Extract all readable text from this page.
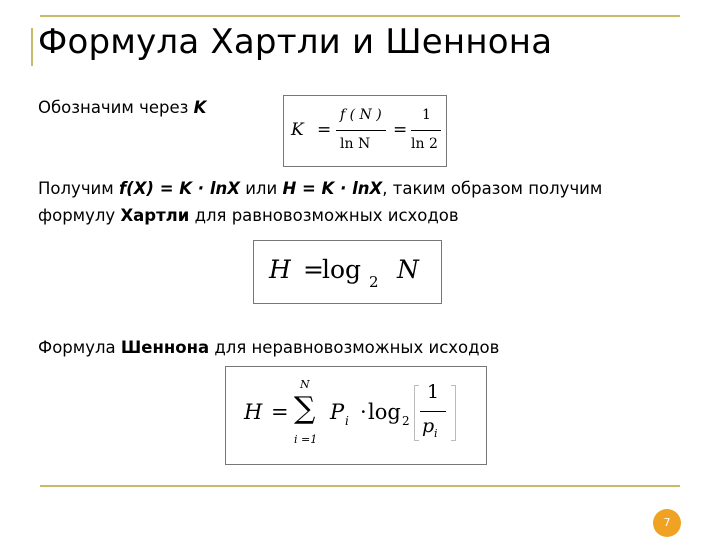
Формула Хартли и Шеннона
Обозначим через K
K =
f ( N )
ln N
=
1
ln 2
Получим f(X) = K · lnX или H = K · lnX, таким образом получим
формулу Хартли для равновозможных исходов
H =
log 2 N
Формула Шеннона для неравновозможных исходов
H =
N
∑
i =1
P i · log 2
1
p i
7
